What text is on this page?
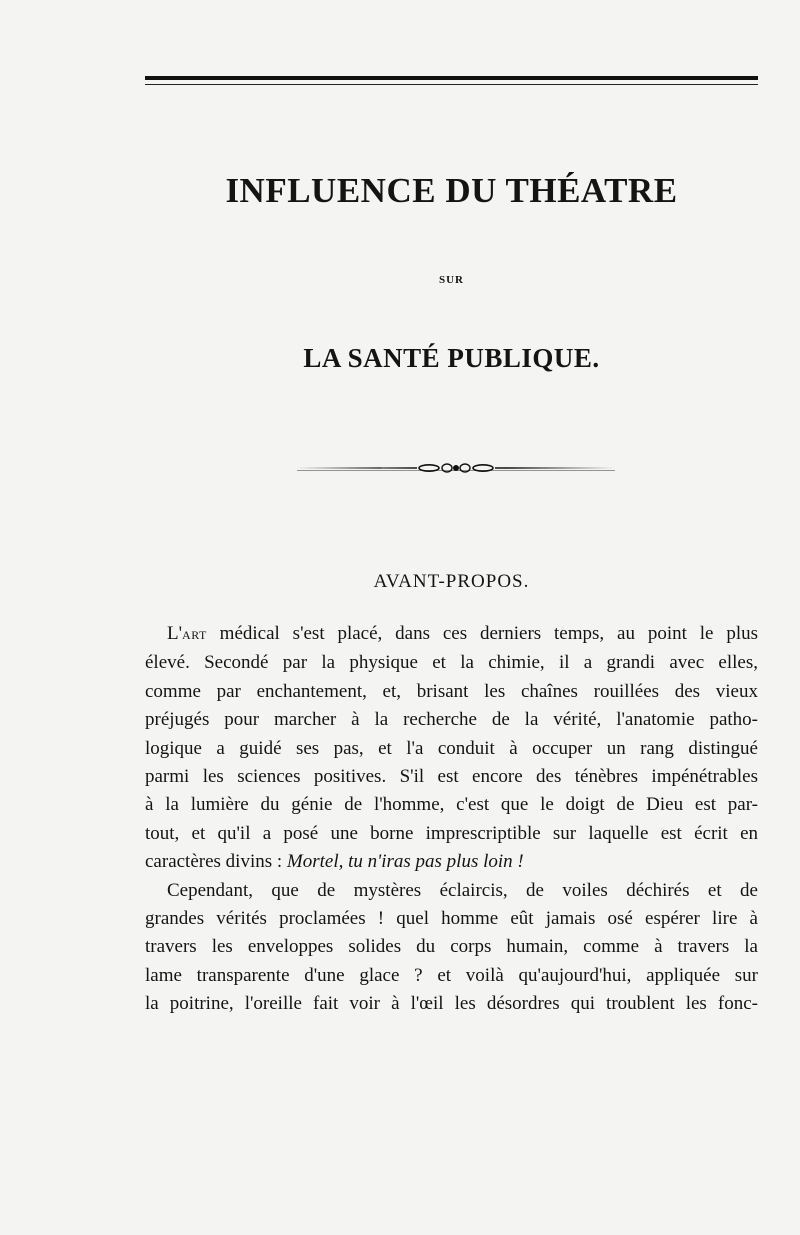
INFLUENCE DU THÉATRE
SUR
LA SANTÉ PUBLIQUE.
AVANT-PROPOS.
L'ART médical s'est placé, dans ces derniers temps, au point le plus
élevé. Secondé par la physique et la chimie, il a grandi avec elles,
comme par enchantement, et, brisant les chaînes rouillées des vieux
préjugés pour marcher à la recherche de la vérité, l'anatomie patho-
logique a guidé ses pas, et l'a conduit à occuper un rang distingué
parmi les sciences positives. S'il est encore des ténèbres impénétrables
à la lumière du génie de l'homme, c'est que le doigt de Dieu est par-
tout, et qu'il a posé une borne imprescriptible sur laquelle est écrit en
caractères divins : Mortel, tu n'iras pas plus loin !
Cependant, que de mystères éclaircis, de voiles déchirés et de
grandes vérités proclamées ! quel homme eût jamais osé espérer lire à
travers les enveloppes solides du corps humain, comme à travers la
lame transparente d'une glace ? et voilà qu'aujourd'hui, appliquée sur
la poitrine, l'oreille fait voir à l'œil les désordres qui troublent les fonc-
